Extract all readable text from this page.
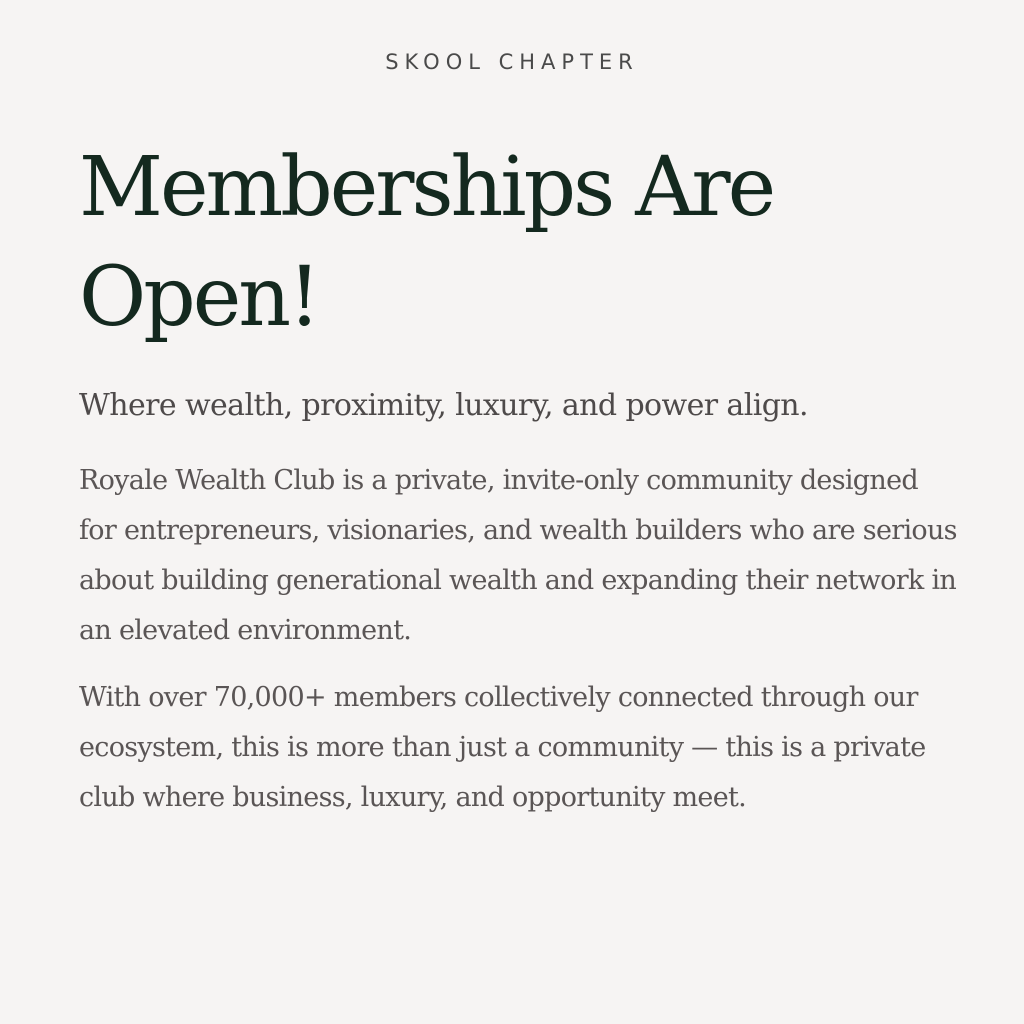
SKOOL CHAPTER

Memberships Are Open!

Where wealth, proximity, luxury, and power align.

Royale Wealth Club is a private, invite-only community designed for entrepreneurs, visionaries, and wealth builders who are serious about building generational wealth and expanding their network in an elevated environment.

With over 70,000+ members collectively connected through our ecosystem, this is more than just a community — this is a private club where business, luxury, and opportunity meet.
